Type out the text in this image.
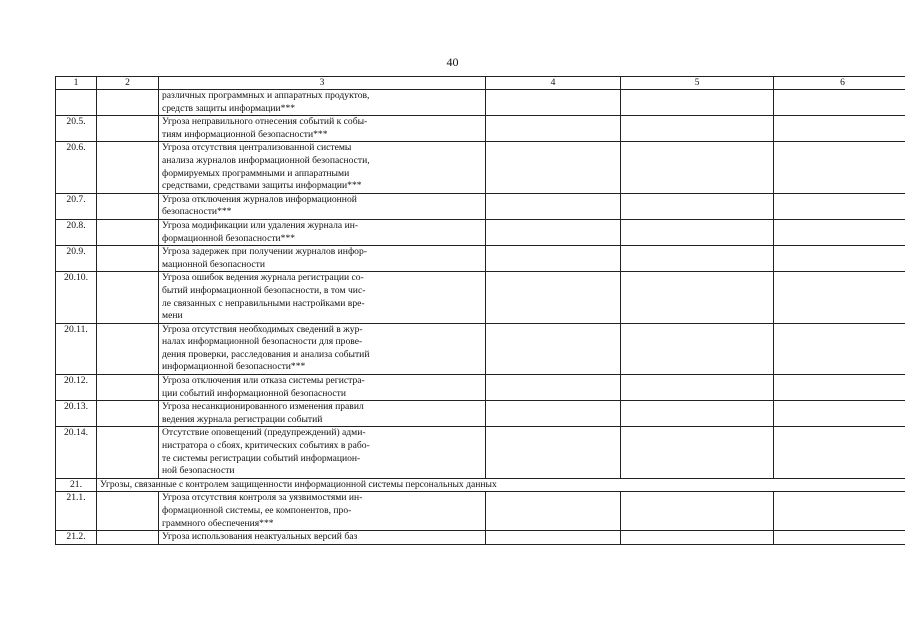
40
1	2	3	4	5	6

		различных программных и аппаратных продуктов,
средств защиты информации***			

20.5.		Угроза неправильного отнесения событий к собы-
тиям информационной безопасности***			

20.6.		Угроза отсутствия централизованной системы
анализа журналов информационной безопасности,
формируемых программными и аппаратными
средствами, средствами защиты информации***			

20.7.		Угроза отключения журналов информационной
безопасности***			

20.8.		Угроза модификации или удаления журнала ин-
формационной безопасности***			

20.9.		Угроза задержек при получении журналов инфор-
мационной безопасности			

20.10.		Угроза ошибок ведения журнала регистрации со-
бытий информационной безопасности, в том чис-
ле связанных с неправильными настройками вре-
мени			

20.11.		Угроза отсутствия необходимых сведений в жур-
налах информационной безопасности для прове-
дения проверки, расследования и анализа событий
информационной безопасности***			

20.12.		Угроза отключения или отказа системы регистра-
ции событий информационной безопасности			

20.13.		Угроза несанкционированного изменения правил
ведения журнала регистрации событий			

20.14.		Отсутствие оповещений (предупреждений) адми-
нистратора о сбоях, критических событиях в рабо-
те системы регистрации событий информацион-
ной безопасности			

21.	Угрозы, связанные с контролем защищенности информационной системы персональных данных				
21.1.		Угроза отсутствия контроля за уязвимостями ин-
формационной системы, ее компонентов, про-
граммного обеспечения***			

21.2.		Угроза использования неактуальных версий баз			
